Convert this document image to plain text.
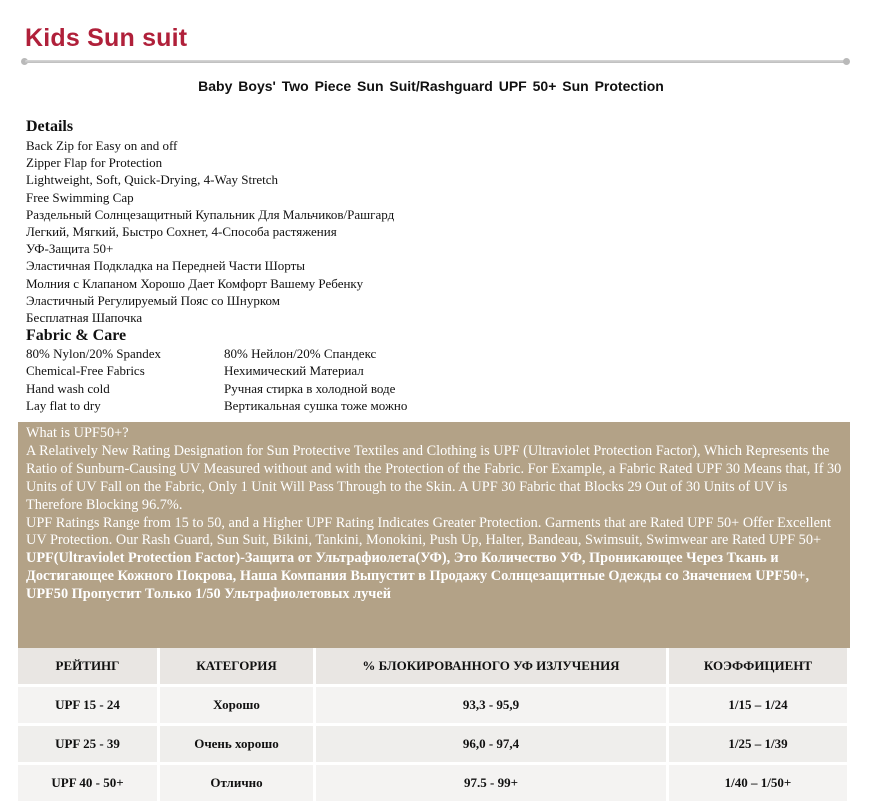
Kids Sun suit
Baby Boys' Two Piece Sun Suit/Rashguard UPF 50+ Sun Protection
Details
Back Zip for Easy on and off
Zipper Flap for Protection
Lightweight, Soft, Quick-Drying, 4-Way Stretch
Free Swimming Cap
Раздельный Солнцезащитный Купальник Для Мальчиков/Рашгард
Легкий, Мягкий, Быстро Сохнет, 4-Способа растяжения
УФ-Защита 50+
Эластичная Подкладка на Передней Части Шорты
Молния с Клапаном Хорошо Дает Комфорт Вашему Ребенку
Эластичный Регулируемый Пояс со Шнурком
Бесплатная Шапочка
Fabric & Care
80% Nylon/20% Spandex	80% Нейлон/20% Спандекс
Chemical-Free Fabrics	Нехимический Материал
Hand wash cold	Ручная стирка в холодной воде
Lay flat to dry	Вертикальная сушка тоже можно
What is UPF50+?
A Relatively New Rating Designation for Sun Protective Textiles and Clothing is UPF (Ultraviolet Protection Factor), Which Represents the Ratio of Sunburn-Causing UV Measured without and with the Protection of the Fabric. For Example, a Fabric Rated UPF 30 Means that, If 30 Units of UV Fall on the Fabric, Only 1 Unit Will Pass Through to the Skin. A UPF 30 Fabric that Blocks 29 Out of 30 Units of UV is Therefore Blocking 96.7%.
UPF Ratings Range from 15 to 50, and a Higher UPF Rating Indicates Greater Protection. Garments that are Rated UPF 50+ Offer Excellent UV Protection. Our Rash Guard, Sun Suit, Bikini, Tankini, Monokini, Push Up, Halter, Bandeau, Swimsuit, Swimwear are Rated UPF 50+
UPF(Ultraviolet Protection Factor)-Защита от Ультрафиолета(УФ), Это Количество УФ, Проникающее Через Ткань и Достигающее Кожного Покрова, Наша Компания Выпустит в Продажу Солнцезащитные Одежды со Значением UPF50+, UPF50 Пропустит Только 1/50 Ультрафиолетовых лучей
РЕЙТИНГ	КАТЕГОРИЯ	% БЛОКИРОВАННОГО УФ ИЗЛУЧЕНИЯ	КОЭФФИЦИЕНТ
UPF 15 - 24	Хорошо	93,3 - 95,9	1/15 – 1/24
UPF 25 - 39	Очень хорошо	96,0 - 97,4	1/25 – 1/39
UPF 40 - 50+	Отлично	97.5 - 99+	1/40 – 1/50+
